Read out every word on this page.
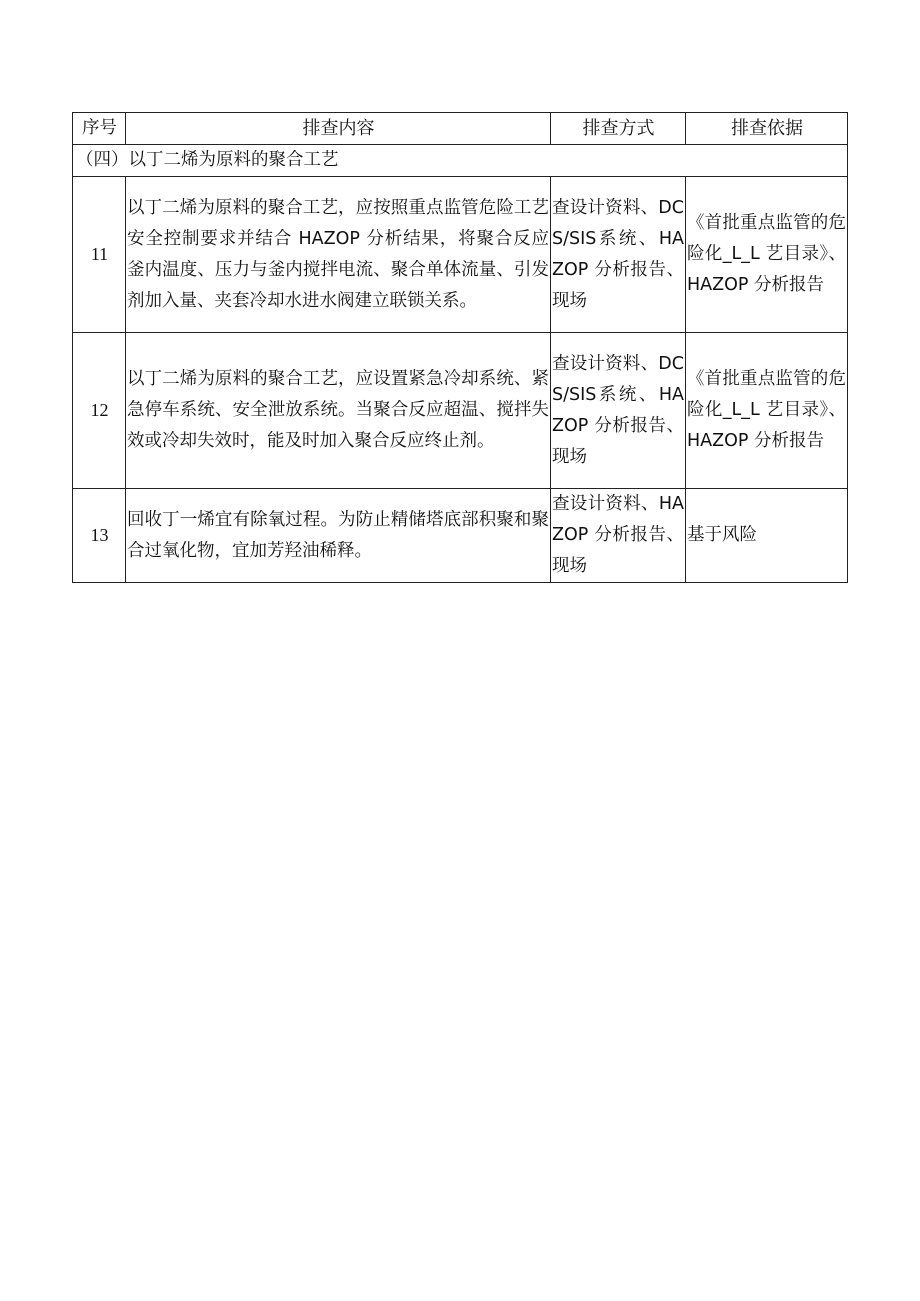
序号	排查内容	排查方式	排查依据
（四）以丁二烯为原料的聚合工艺			
11	以丁二烯为原料的聚合工艺，应按照重点监管危险工艺安全控制要求并结合 HAZOP 分析结果，将聚合反应釜内温度、压力与釜内搅拌电流、聚合单体流量、引发剂加入量、夹套冷却水进水阀建立联锁关系。	查设计资料、DCS/SIS系统、HAZOP 分析报告、现场	《首批重点监管的危险化_L_L 艺目录》、HAZOP 分析报告
12	以丁二烯为原料的聚合工艺，应设置紧急冷却系统、紧急停车系统、安全泄放系统。当聚合反应超温、搅拌失效或冷却失效时，能及时加入聚合反应终止剂。	查设计资料、DCS/SIS系统、HAZOP 分析报告、现场	《首批重点监管的危险化_L_L 艺目录》、HAZOP 分析报告
13	回收丁一烯宜有除氧过程。为防止精储塔底部积聚和聚合过氧化物，宜加芳羟油稀释。	查设计资料、HAZOP 分析报告、现场	基于风险
